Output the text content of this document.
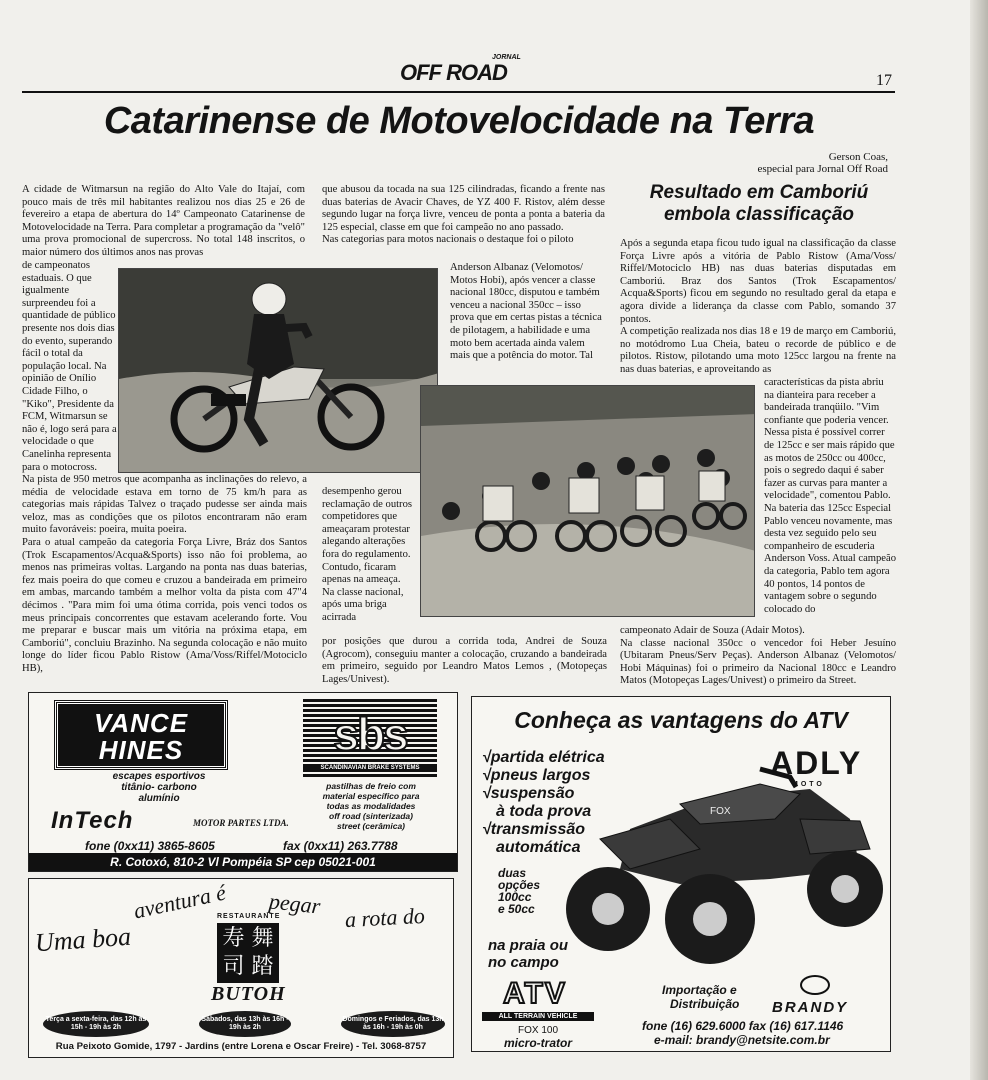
JORNAL
OFF ROAD	17
Catarinense de Motovelocidade na Terra
Gerson Coas,
especial para Jornal Off Road
A cidade de Witmarsun na região do Alto Vale do Itajaí, com pouco mais de três mil habitantes realizou nos dias 25 e 26 de fevereiro a etapa de abertura do 14º Campeonato Catarinense de Motovelocidade na Terra. Para completar a programação da "velô" uma prova promocional de supercross. No total 148 inscritos, o maior número dos últimos anos nas provas
de campeonatos estaduais. O que igualmente surpreendeu foi a quantidade de público presente nos dois dias do evento, superando fácil o total da população local. Na opinião de Onílio Cidade Filho, o "Kiko", Presidente da FCM, Witmarsun se não é, logo será para a velocidade o que Canelinha representa para o motocross.
Na pista de 950 metros que acompanha as inclinações do relevo, a média de velocidade estava em torno de 75 km/h para as categorias mais rápidas Talvez o traçado pudesse ser ainda mais veloz, mas as condições que os pilotos encontraram não eram muito favoráveis: poeira, muita poeira.
Para o atual campeão da categoria Força Livre, Bráz dos Santos (Trok Escapamentos/Acqua&Sports) isso não foi problema, ao menos nas primeiras voltas. Largando na ponta nas duas baterias, fez mais poeira do que comeu e cruzou a bandeirada em primeiro em ambas, marcando também a melhor volta da pista com 47"4 décimos . "Para mim foi uma ótima corrida, pois venci todos os meus principais concorrentes que estavam acelerando forte. Vou me preparar e buscar mais um vitória na próxima etapa, em Camboriú", concluiu Brazinho. Na segunda colocação e não muito longe do líder ficou Pablo Ristow (Ama/Voss/Riffel/Motociclo HB),
que abusou da tocada na sua 125 cilindradas, ficando a frente nas duas baterias de Avacir Chaves, de YZ 400 F. Ristov, além desse segundo lugar na força livre, venceu de ponta a ponta a bateria da 125 especial, classe em que foi campeão no ano passado.
Nas categorias para motos nacionais o destaque foi o piloto
Anderson Albanaz (Velomotos/ Motos Hobi), após vencer a classe nacional 180cc, disputou e também venceu a nacional 350cc – isso prova que em certas pistas a técnica de pilotagem, a habilidade e uma moto bem acertada ainda valem mais que a potência do motor. Tal
desempenho gerou reclamação de outros competidores que ameaçaram protestar alegando alterações fora do regulamento. Contudo, ficaram apenas na ameaça.
Na classe nacional, após uma briga acirrada
por posições que durou a corrida toda, Andrei de Souza (Agrocom), conseguiu manter a colocação, cruzando a bandeirada em primeiro, seguido por Leandro Matos Lemos , (Motopeças Lages/Univest).
Resultado em Camboriú
embola classificação
Após a segunda etapa ficou tudo igual na classificação da classe Força Livre após a vitória de Pablo Ristow (Ama/Voss/ Riffel/Motociclo HB) nas duas baterias disputadas em Camboriú. Braz dos Santos (Trok Escapamentos/ Acqua&Sports) ficou em segundo no resultado geral da etapa e agora divide a liderança da classe com Pablo, somando 37 pontos.
A competição realizada nos dias 18 e 19 de março em Camboriú, no motódromo Lua Cheia, bateu o recorde de público e de pilotos. Ristow, pilotando uma moto 125cc largou na frente na nas duas baterias, e aproveitando as
características da pista abriu na dianteira para receber a bandeirada tranqüilo. "Vim confiante que poderia vencer. Nessa pista é possível correr de 125cc e ser mais rápido que as motos de 250cc ou 400cc, pois o segredo daqui é saber fazer as curvas para manter a velocidade", comentou Pablo.
Na bateria das 125cc Especial Pablo venceu novamente, mas desta vez seguido pelo seu companheiro de escuderia Anderson Voss. Atual campeão da categoria, Pablo tem agora 40 pontos, 14 pontos de vantagem sobre o segundo colocado do
campeonato Adair de Souza (Adair Motos).
Na classe nacional 350cc o vencedor foi Heber Jesuíno (Ubitaram Pneus/Serv Peças). Anderson Albanaz (Velomotos/ Hobi Máquinas) foi o primeiro da Nacional 180cc e Leandro Matos (Motopeças Lages/Univest) o primeiro da Street.
VANCE
HINES
escapes esportivos
titânio- carbono
alumínio
sbs
SCANDINAVIAN BRAKE SYSTEMS
pastilhas de freio com
material específico para
todas as modalidades
off road (sinterizada)
street (cerâmica)
InTech	MOTOR PARTES LTDA.
fone (0xx11) 3865-8605	fax (0xx11) 263.7788
R. Cotoxó, 810-2 Vl Pompéia SP cep 05021-001
Uma boa
aventura é pegar a rota do
RESTAURANTE
寿 舞 司 踏
BUTOH
Terça a sexta-feira, das 12h às 15h - 19h às 2h
Sábados, das 13h às 16h - 19h às 2h
Domingos e Feriados, das 13h às 16h - 19h às 0h
Rua Peixoto Gomide, 1797 - Jardins (entre Lorena e Oscar Freire) - Tel. 3068-8757
Conheça as vantagens do ATV
√partida elétrica
√pneus largos
√suspensão
à toda prova
√transmissão
automática
ADLY
MOTO
FOX
duas
opções
100cc
e 50cc
na praia ou
no campo
ATV
ALL TERRAIN VEHICLE
FOX 100
micro-trator
Importação e
Distribuição BRANDY
fone (16) 629.6000 fax (16) 617.1146
e-mail: brandy@netsite.com.br
